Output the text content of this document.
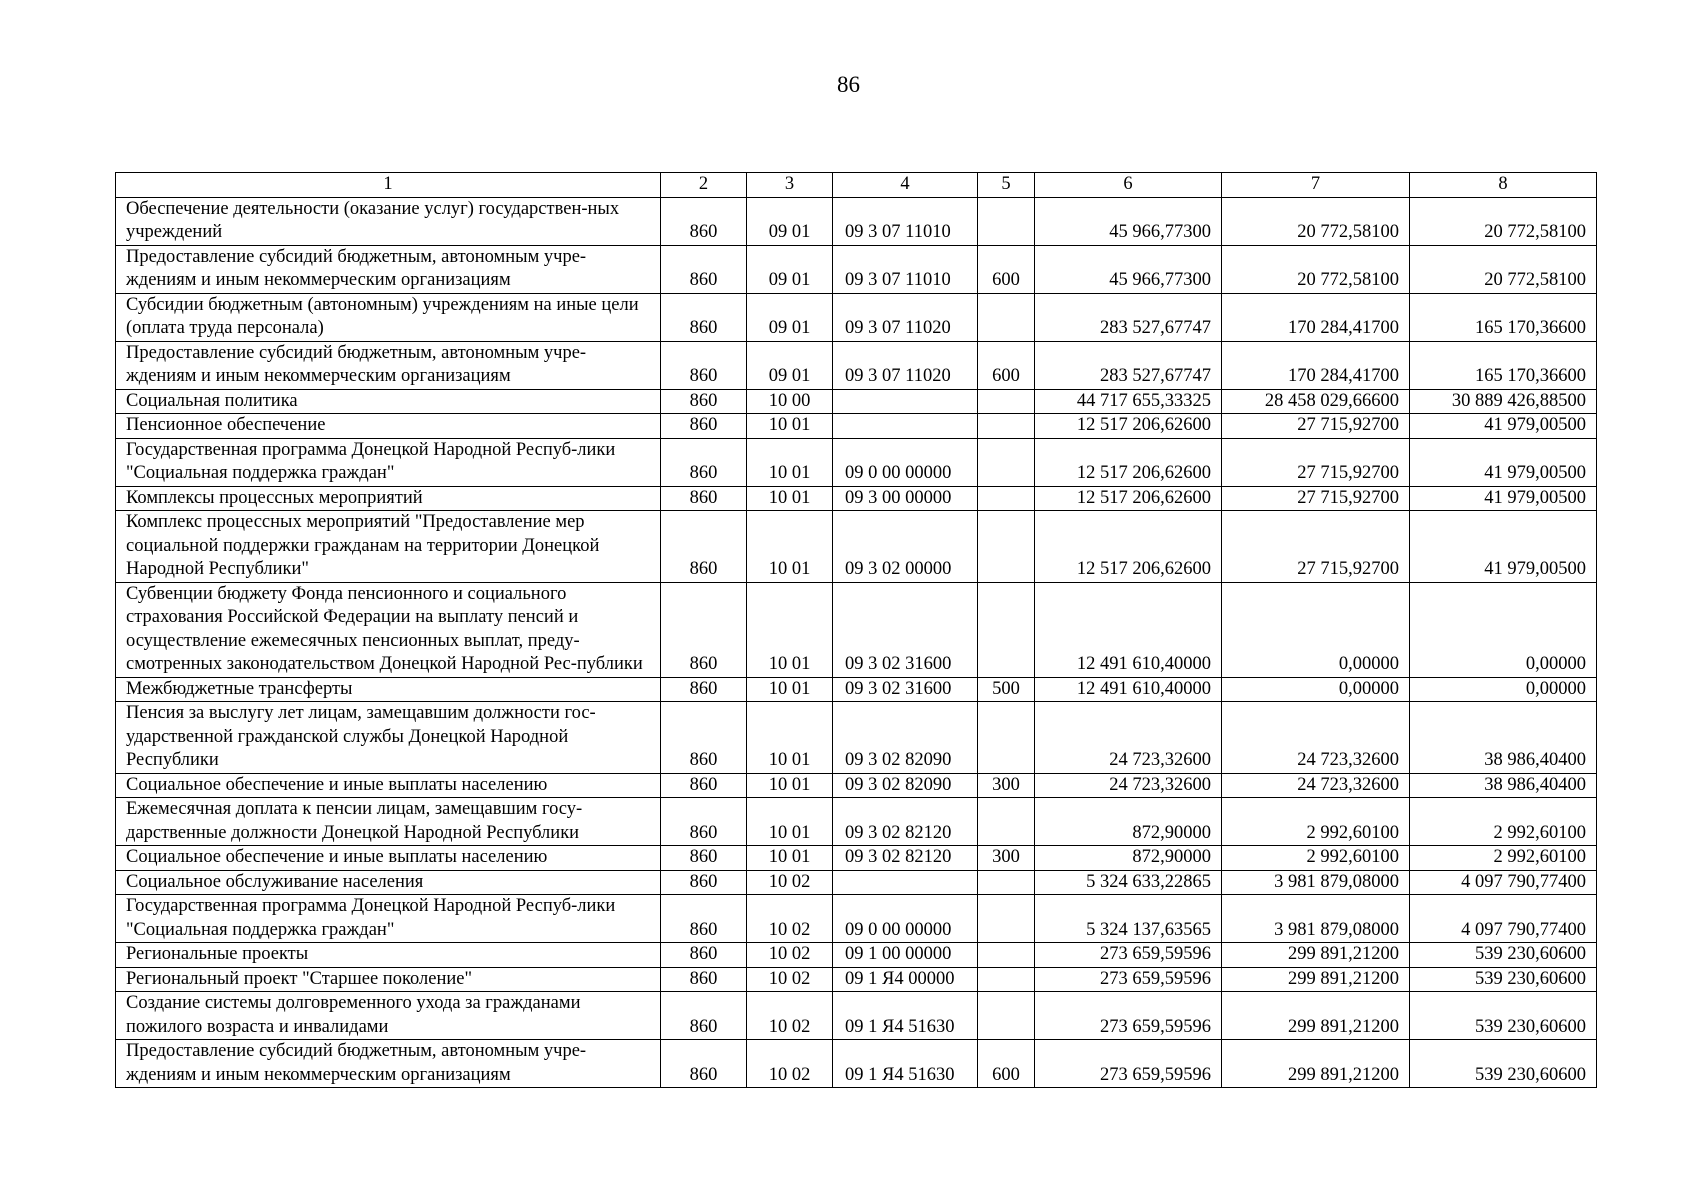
86
1	2	3	4	5	6	7	8
Обеспечение деятельности (оказание услуг) государствен-ных учреждений	860	09 01	09 3 07 11010		45 966,77300	20 772,58100	20 772,58100
Предоставление субсидий бюджетным, автономным учре-ждениям и иным некоммерческим организациям	860	09 01	09 3 07 11010	600	45 966,77300	20 772,58100	20 772,58100
Субсидии бюджетным (автономным) учреждениям на иные цели (оплата труда персонала)	860	09 01	09 3 07 11020		283 527,67747	170 284,41700	165 170,36600
Предоставление субсидий бюджетным, автономным учре-ждениям и иным некоммерческим организациям	860	09 01	09 3 07 11020	600	283 527,67747	170 284,41700	165 170,36600
Социальная политика	860	10 00			44 717 655,33325	28 458 029,66600	30 889 426,88500
Пенсионное обеспечение	860	10 01			12 517 206,62600	27 715,92700	41 979,00500
Государственная программа Донецкой Народной Респуб-лики "Социальная поддержка граждан"	860	10 01	09 0 00 00000		12 517 206,62600	27 715,92700	41 979,00500
Комплексы процессных мероприятий	860	10 01	09 3 00 00000		12 517 206,62600	27 715,92700	41 979,00500
Комплекс процессных мероприятий "Предоставление мер социальной поддержки гражданам на территории Донецкой Народной Республики"	860	10 01	09 3 02 00000		12 517 206,62600	27 715,92700	41 979,00500
Субвенции бюджету Фонда пенсионного и социального страхования Российской Федерации на выплату пенсий и осуществление ежемесячных пенсионных выплат, преду-смотренных законодательством Донецкой Народной Рес-публики	860	10 01	09 3 02 31600		12 491 610,40000	0,00000	0,00000
Межбюджетные трансферты	860	10 01	09 3 02 31600	500	12 491 610,40000	0,00000	0,00000
Пенсия за выслугу лет лицам, замещавшим должности гос-ударственной гражданской службы Донецкой Народной Республики	860	10 01	09 3 02 82090		24 723,32600	24 723,32600	38 986,40400
Социальное обеспечение и иные выплаты населению	860	10 01	09 3 02 82090	300	24 723,32600	24 723,32600	38 986,40400
Ежемесячная доплата к пенсии лицам, замещавшим госу-дарственные должности Донецкой Народной Республики	860	10 01	09 3 02 82120		872,90000	2 992,60100	2 992,60100
Социальное обеспечение и иные выплаты населению	860	10 01	09 3 02 82120	300	872,90000	2 992,60100	2 992,60100
Социальное обслуживание населения	860	10 02			5 324 633,22865	3 981 879,08000	4 097 790,77400
Государственная программа Донецкой Народной Респуб-лики "Социальная поддержка граждан"	860	10 02	09 0 00 00000		5 324 137,63565	3 981 879,08000	4 097 790,77400
Региональные проекты	860	10 02	09 1 00 00000		273 659,59596	299 891,21200	539 230,60600
Региональный проект "Старшее поколение"	860	10 02	09 1 Я4 00000		273 659,59596	299 891,21200	539 230,60600
Создание системы долговременного ухода за гражданами пожилого возраста и инвалидами	860	10 02	09 1 Я4 51630		273 659,59596	299 891,21200	539 230,60600
Предоставление субсидий бюджетным, автономным учре-ждениям и иным некоммерческим организациям	860	10 02	09 1 Я4 51630	600	273 659,59596	299 891,21200	539 230,60600
